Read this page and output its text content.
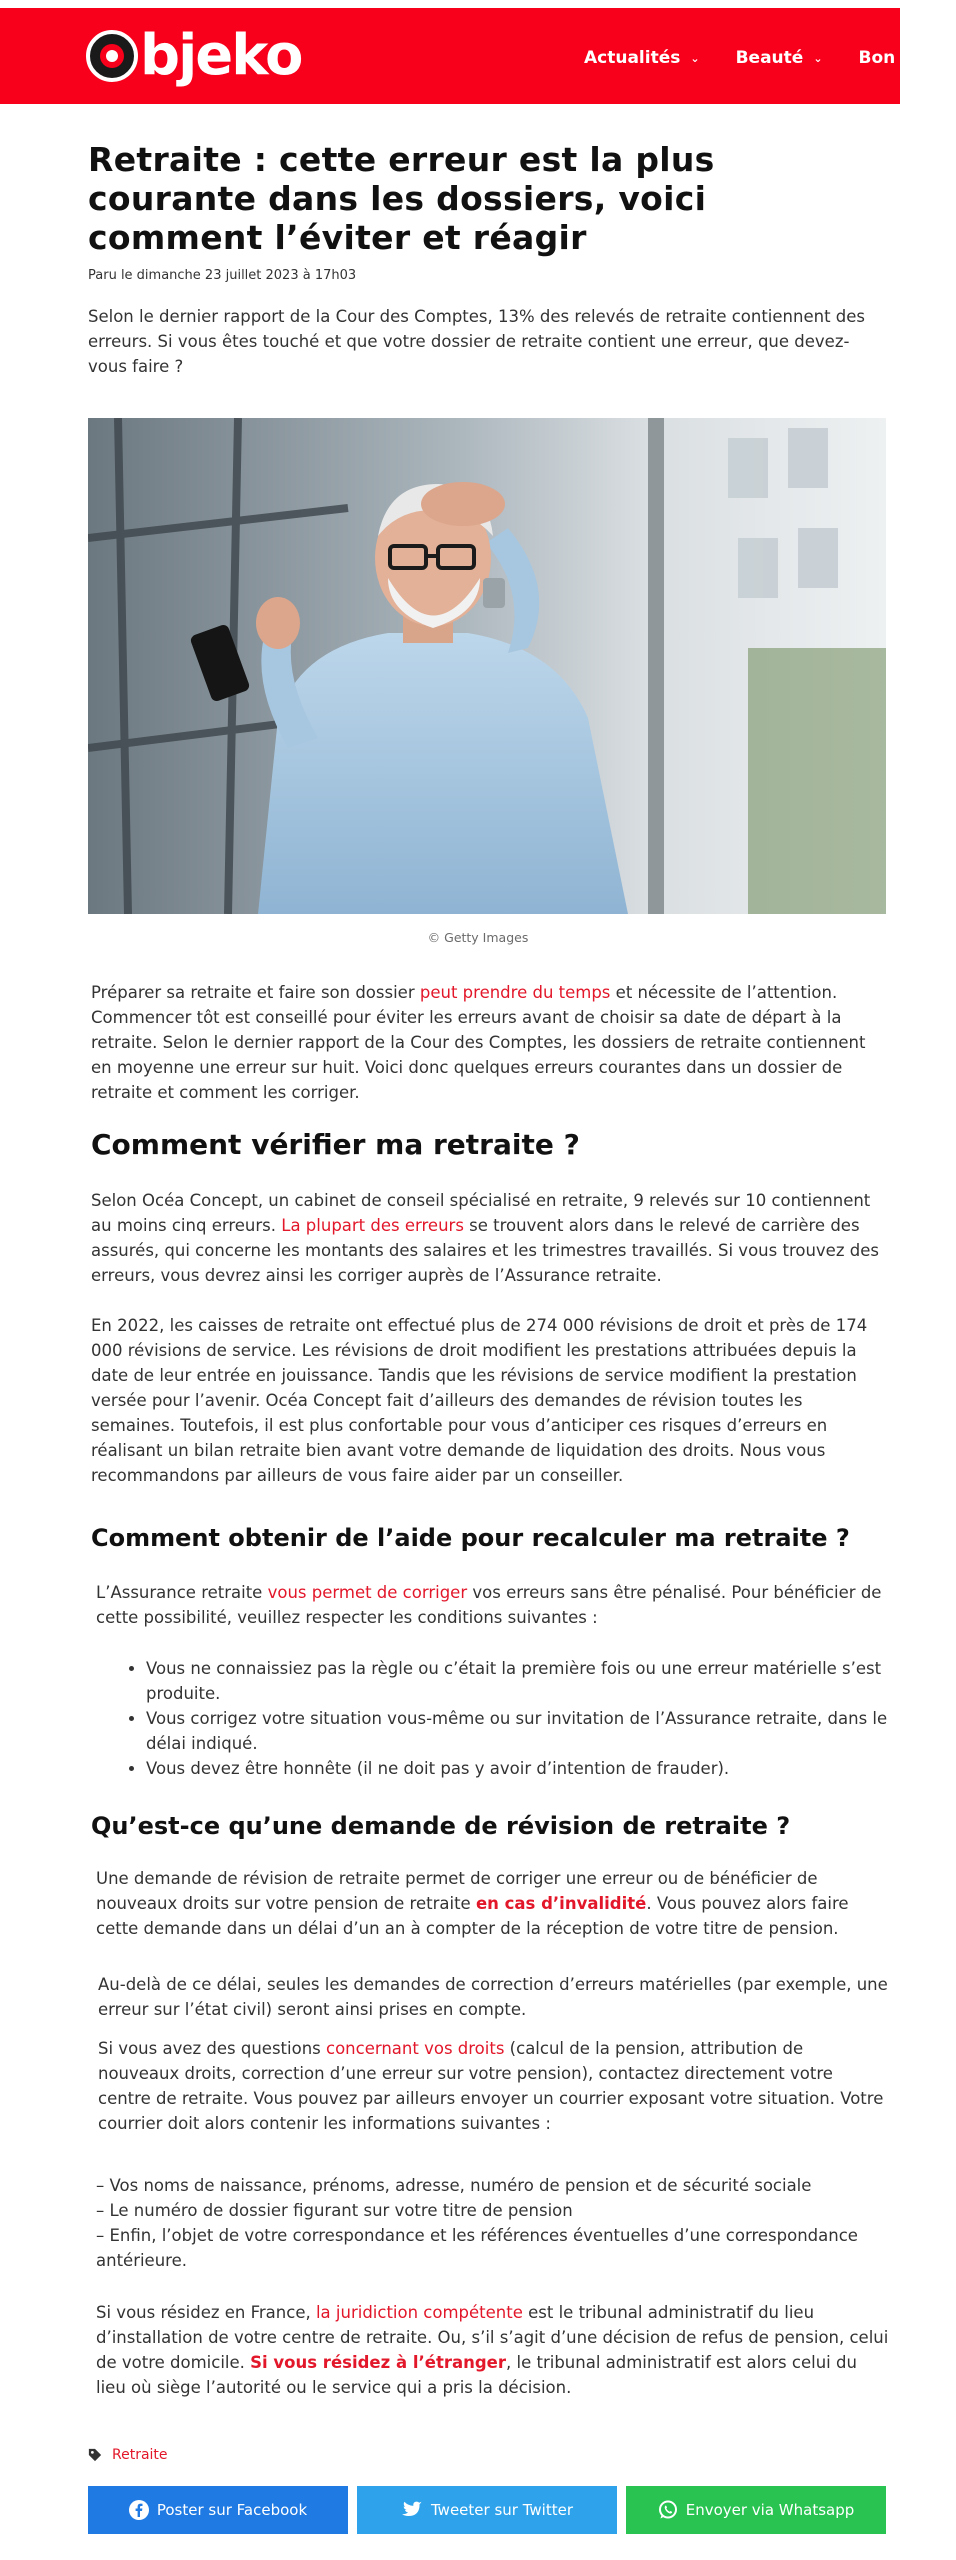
bjeko	Actualités ⌄ Beauté ⌄ Bon
Retraite : cette erreur est la plus courante dans les dossiers, voici comment l’éviter et réagir
Paru le dimanche 23 juillet 2023 à 17h03

Selon le dernier rapport de la Cour des Comptes, 13% des relevés de retraite contiennent des erreurs. Si vous êtes touché et que votre dossier de retraite contient une erreur, que devez-vous faire ?

© Getty Images

Préparer sa retraite et faire son dossier peut prendre du temps et nécessite de l’attention. Commencer tôt est conseillé pour éviter les erreurs avant de choisir sa date de départ à la retraite. Selon le dernier rapport de la Cour des Comptes, les dossiers de retraite contiennent en moyenne une erreur sur huit. Voici donc quelques erreurs courantes dans un dossier de retraite et comment les corriger.

Comment vérifier ma retraite ?

Selon Océa Concept, un cabinet de conseil spécialisé en retraite, 9 relevés sur 10 contiennent au moins cinq erreurs. La plupart des erreurs se trouvent alors dans le relevé de carrière des assurés, qui concerne les montants des salaires et les trimestres travaillés. Si vous trouvez des erreurs, vous devrez ainsi les corriger auprès de l’Assurance retraite.

En 2022, les caisses de retraite ont effectué plus de 274 000 révisions de droit et près de 174 000 révisions de service. Les révisions de droit modifient les prestations attribuées depuis la date de leur entrée en jouissance. Tandis que les révisions de service modifient la prestation versée pour l’avenir. Océa Concept fait d’ailleurs des demandes de révision toutes les semaines. Toutefois, il est plus confortable pour vous d’anticiper ces risques d’erreurs en réalisant un bilan retraite bien avant votre demande de liquidation des droits. Nous vous recommandons par ailleurs de vous faire aider par un conseiller.

Comment obtenir de l’aide pour recalculer ma retraite ?

L’Assurance retraite vous permet de corriger vos erreurs sans être pénalisé. Pour bénéficier de cette possibilité, veuillez respecter les conditions suivantes :

• Vous ne connaissiez pas la règle ou c’était la première fois ou une erreur matérielle s’est produite.
• Vous corrigez votre situation vous-même ou sur invitation de l’Assurance retraite, dans le délai indiqué.
• Vous devez être honnête (il ne doit pas y avoir d’intention de frauder).
Qu’est-ce qu’une demande de révision de retraite ?

Une demande de révision de retraite permet de corriger une erreur ou de bénéficier de nouveaux droits sur votre pension de retraite en cas d’invalidité. Vous pouvez alors faire cette demande dans un délai d’un an à compter de la réception de votre titre de pension.

Au-delà de ce délai, seules les demandes de correction d’erreurs matérielles (par exemple, une erreur sur l’état civil) seront ainsi prises en compte.

Si vous avez des questions concernant vos droits (calcul de la pension, attribution de nouveaux droits, correction d’une erreur sur votre pension), contactez directement votre centre de retraite. Vous pouvez par ailleurs envoyer un courrier exposant votre situation. Votre courrier doit alors contenir les informations suivantes :

– Vos noms de naissance, prénoms, adresse, numéro de pension et de sécurité sociale
– Le numéro de dossier figurant sur votre titre de pension
– Enfin, l’objet de votre correspondance et les références éventuelles d’une correspondance antérieure.

Si vous résidez en France, la juridiction compétente est le tribunal administratif du lieu d’installation de votre centre de retraite. Ou, s’il s’agit d’une décision de refus de pension, celui de votre domicile. Si vous résidez à l’étranger, le tribunal administratif est alors celui du lieu où siège l’autorité ou le service qui a pris la décision.

Retraite
Poster sur Facebook	Tweeter sur Twitter	Envoyer via Whatsapp
